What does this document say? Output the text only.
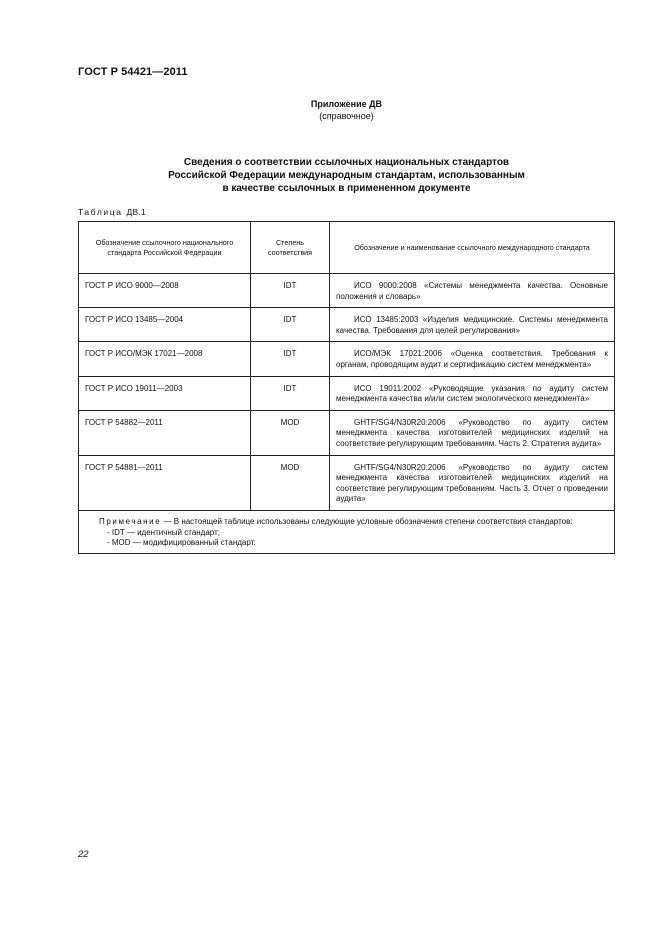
ГОСТ Р 54421—2011
Приложение ДВ
(справочное)
Сведения о соответствии ссылочных национальных стандартов
Российской Федерации международным стандартам, использованным
в качестве ссылочных в примененном документе
Таблица ДВ.1
Обозначение ссылочного национального стандарта Российской Федерации	Степень соответствия	Обозначение и наименование ссылочного международного стандарта
ГОСТ Р ИСО 9000—2008	IDT	ИСО 9000:2008 «Системы менеджмента качества. Основные положения и словарь»
ГОСТ Р ИСО 13485—2004	IDT	ИСО 13485:2003 «Изделия медицинские. Системы менеджмента качества. Требования для целей регулирования»
ГОСТ Р ИСО/МЭК 17021—2008	IDT	ИСО/МЭК 17021:2006 «Оценка соответствия. Требования к органам, проводящим аудит и сертификацию систем менеджмента»
ГОСТ Р ИСО 19011—2003	IDT	ИСО 19011:2002 «Руководящие указания по аудиту систем менеджмента качества и/или систем экологического менеджмента»
ГОСТ Р 54882—2011	MOD	GHTF/SG4/N30R20:2006 «Руководство по аудиту систем менеджмента качества изготовителей медицинских изделий на соответствие регулирующим требованиям. Часть 2. Стратегия аудита»
ГОСТ Р 54881—2011	MOD	GHTF/SG4/N30R20:2006 «Руководство по аудиту систем менеджмента качества изготовителей медицинских изделий на соответствие регулирующим требованиям. Часть 3. Отчет о проведении аудита»

Примечание — В настоящей таблице использованы следующие условные обозначения степени соответствия стандартов:
- IDT — идентичный стандарт;
- MOD — модифицированный стандарт.		
22
